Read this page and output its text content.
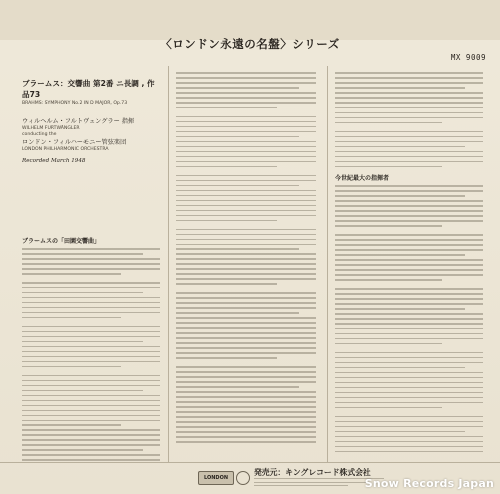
〈ロンドン永遠の名盤〉シリーズ
MX 9009
ブラームス：交響曲 第2番 ニ長調 , 作品73
BRAHMS: SYMPHONY No.2 IN D MAJOR, Op.73
ウィルヘルム・フルトヴェングラー 指揮
WILHELM FURTWÄNGLER
conducting the
ロンドン・フィルハーモニー管弦楽団
LONDON PHILHARMONIC ORCHESTRA
Recorded March 1948
ブラームスの「田園交響曲」
今世紀最大の指揮者
LONDON
発売元：キングレコード株式会社
Snow Records Japan
